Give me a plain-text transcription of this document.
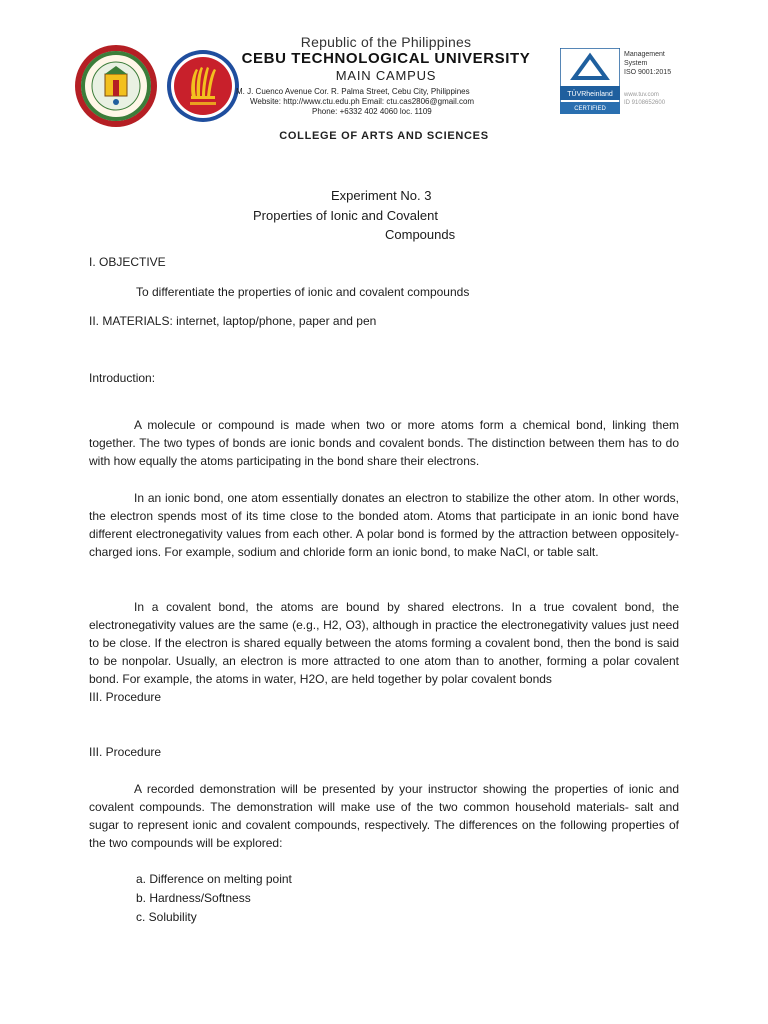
TÜVRheinland
CERTIFIED
Management
System
ISO 9001:2015
www.tuv.com
ID 9108652600
Republic of the Philippines
CEBU TECHNOLOGICAL UNIVERSITY
MAIN CAMPUS
M. J. Cuenco Avenue Cor. R. Palma Street, Cebu City, Philippines
Website: http://www.ctu.edu.ph Email: ctu.cas2806@gmail.com
Phone: +6332 402 4060 loc. 1109
COLLEGE OF ARTS AND SCIENCES
Experiment No. 3
Properties of Ionic and Covalent
Compounds
I. OBJECTIVE
To differentiate the properties of ionic and covalent compounds
II. MATERIALS: internet, laptop/phone, paper and pen
Introduction:

A molecule or compound is made when two or more atoms form a chemical bond, linking them together. The two types of bonds are ionic bonds and covalent bonds. The distinction between them has to do with how equally the atoms participating in the bond share their electrons.

In an ionic bond, one atom essentially donates an electron to stabilize the other atom. In other words, the electron spends most of its time close to the bonded atom. Atoms that participate in an ionic bond have different electronegativity values from each other. A polar bond is formed by the attraction between oppositely-charged ions. For example, sodium and chloride form an ionic bond, to make NaCl, or table salt.

In a covalent bond, the atoms are bound by shared electrons. In a true covalent bond, the electronegativity values are the same (e.g., H2, O3), although in practice the electronegativity values just need to be close. If the electron is shared equally between the atoms forming a covalent bond, then the bond is said to be nonpolar. Usually, an electron is more attracted to one atom than to another, forming a polar covalent bond. For example, the atoms in water, H2O, are held together by polar covalent bonds

III. Procedure
III. Procedure

A recorded demonstration will be presented by your instructor showing the properties of ionic and covalent compounds. The demonstration will make use of the two common household materials- salt and sugar to represent ionic and covalent compounds, respectively. The differences on the following properties of the two compounds will be explored:

a. Difference on melting point
b. Hardness/Softness
c. Solubility
